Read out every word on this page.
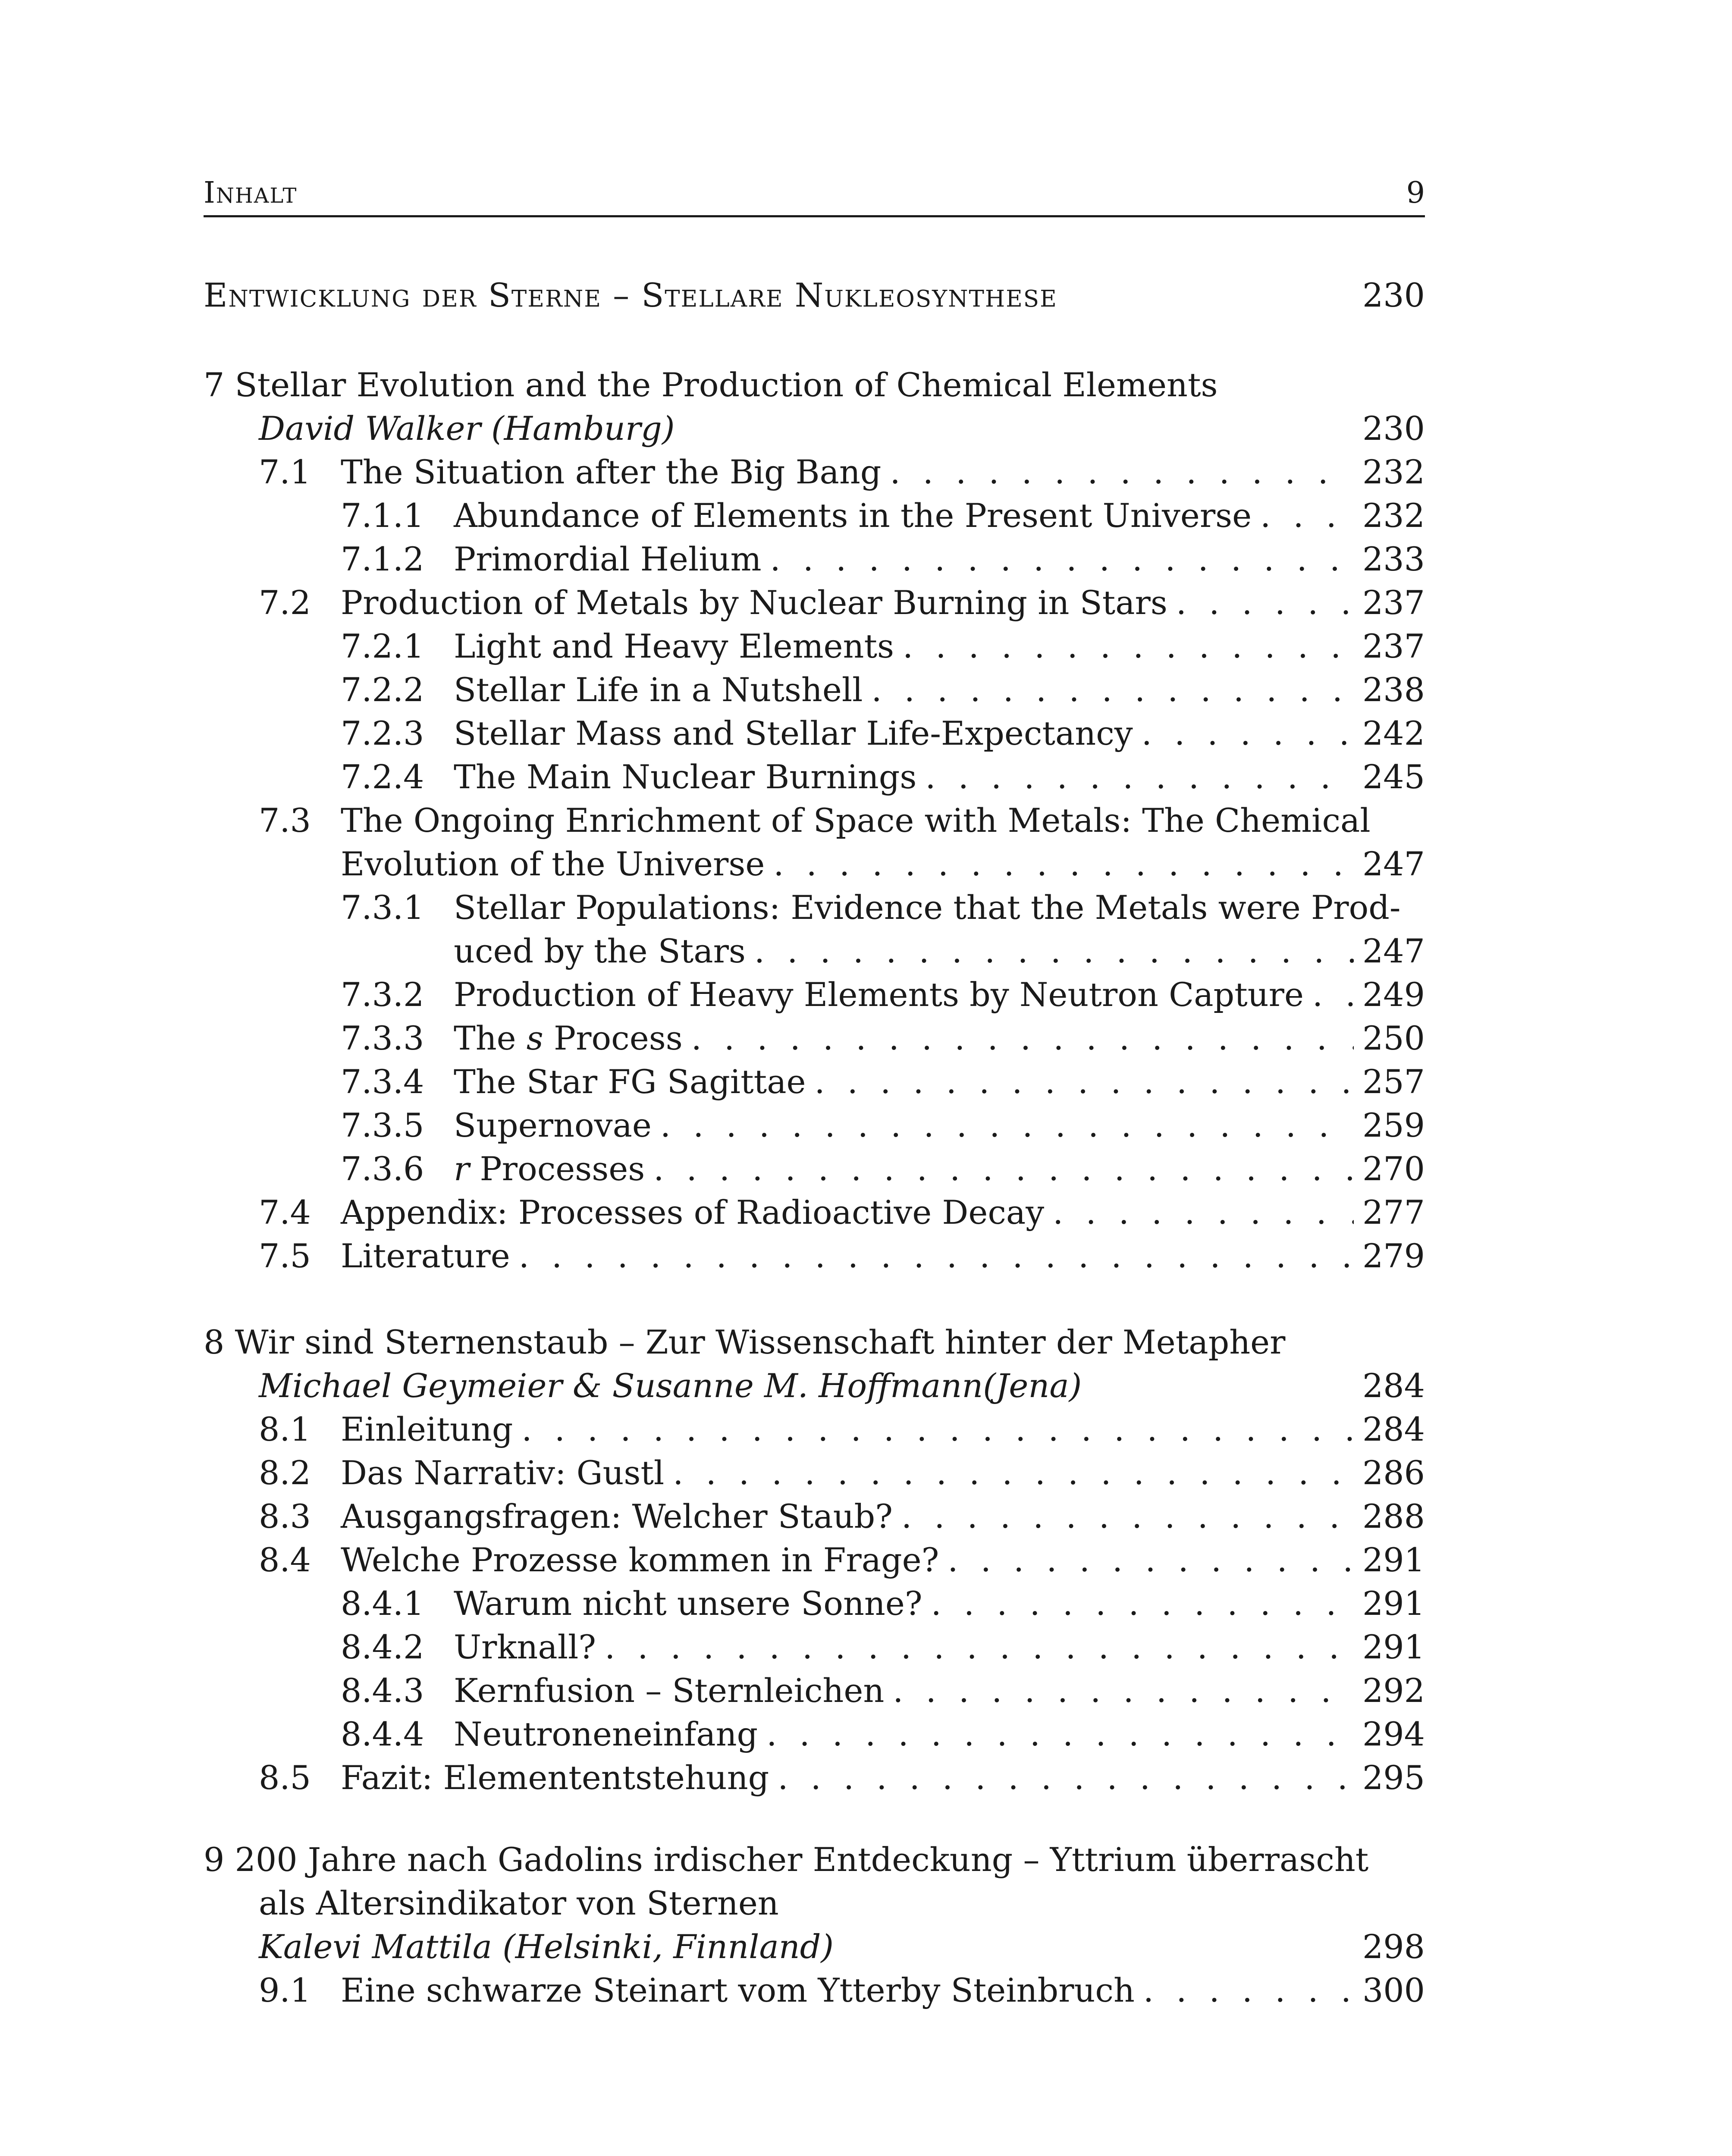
Inhalt	9
Entwicklung der Sterne – Stellare Nukleosynthese	230
7 Stellar Evolution and the Production of Chemical Elements
David Walker (Hamburg)	230
7.1 The Situation after the Big Bang . . .	232
7.1.1 Abundance of Elements in the Present Universe . . .	232
7.1.2 Primordial Helium . . .	233
7.2 Production of Metals by Nuclear Burning in Stars . . .	237
7.2.1 Light and Heavy Elements . . .	237
7.2.2 Stellar Life in a Nutshell . . .	238
7.2.3 Stellar Mass and Stellar Life-Expectancy . . .	242
7.2.4 The Main Nuclear Burnings . . .	245
7.3 The Ongoing Enrichment of Space with Metals: The Chemical
Evolution of the Universe . . .	247
7.3.1 Stellar Populations: Evidence that the Metals were Prod-
uced by the Stars . . .	247
7.3.2 Production of Heavy Elements by Neutron Capture . . . 249
7.3.3 The s Process . . .	250
7.3.4 The Star FG Sagittae . . .	257
7.3.5 Supernovae . . .	259
7.3.6 r Processes . . .	270
7.4 Appendix: Processes of Radioactive Decay . . .	277
7.5 Literature . . .	279
8 Wir sind Sternenstaub – Zur Wissenschaft hinter der Metapher
Michael Geymeier & Susanne M. Hoffmann(Jena)	284
8.1 Einleitung . . .	284
8.2 Das Narrativ: Gustl . . .	286
8.3 Ausgangsfragen: Welcher Staub? . . .	288
8.4 Welche Prozesse kommen in Frage? . . .	291
8.4.1 Warum nicht unsere Sonne? . . .	291
8.4.2 Urknall? . . .	291
8.4.3 Kernfusion – Sternleichen . . .	292
8.4.4 Neutroneneinfang . . .	294
8.5 Fazit: Elemententstehung . . .	295
9 200 Jahre nach Gadolins irdischer Entdeckung – Yttrium überrascht
als Altersindikator von Sternen
Kalevi Mattila (Helsinki, Finnland)	298
9.1 Eine schwarze Steinart vom Ytterby Steinbruch . . .	300
